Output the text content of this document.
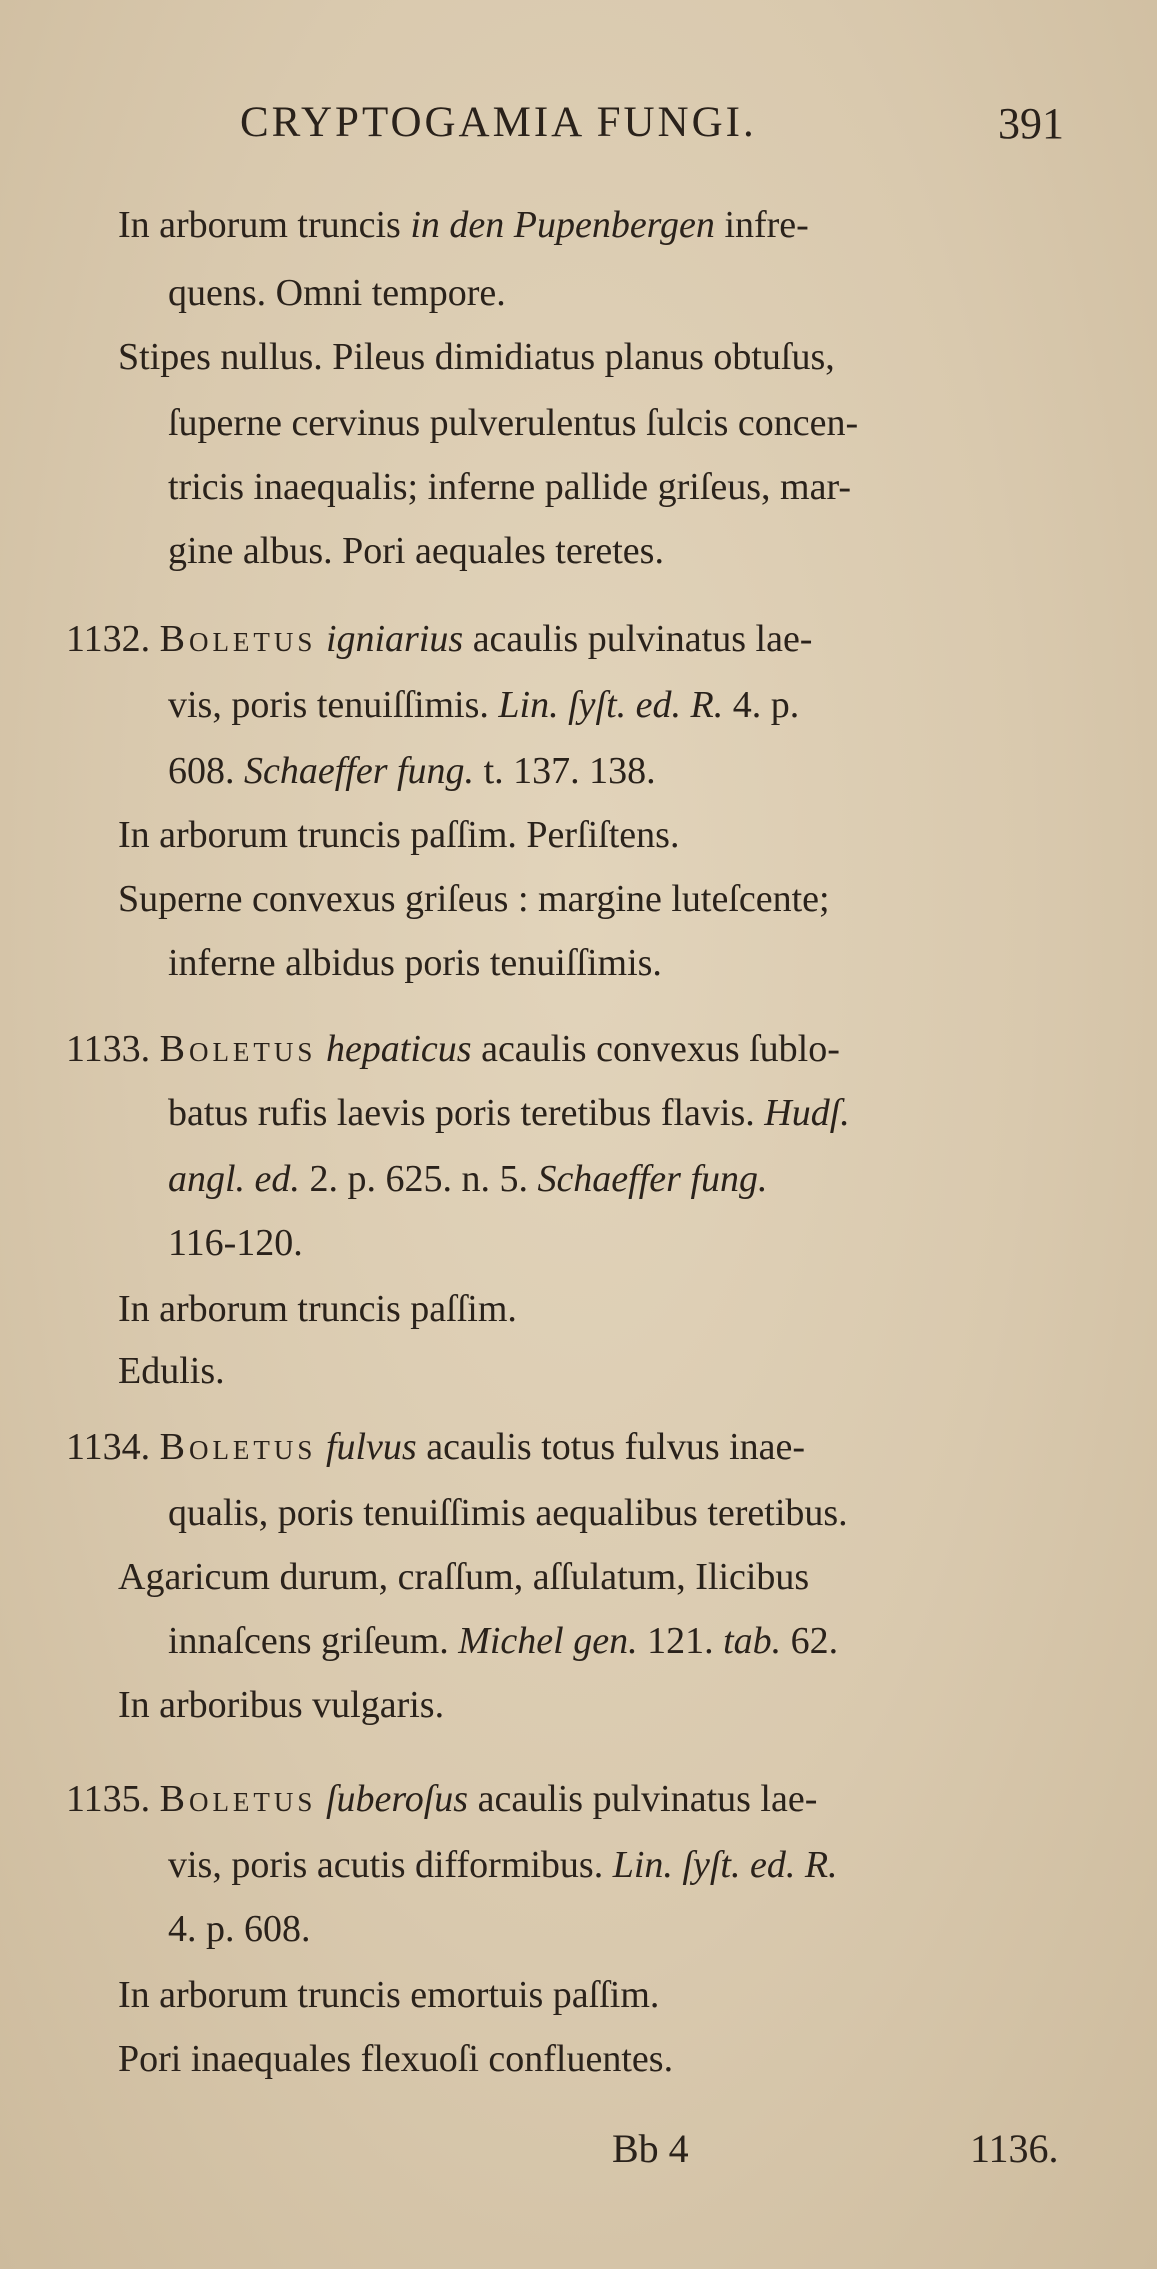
CRYPTOGAMIA FUNGI.	391
In arborum truncis in den Pupenbergen infre-
quens. Omni tempore.
Stipes nullus. Pileus dimidiatus planus obtuſus,
ſuperne cervinus pulverulentus ſulcis concen-
tricis inaequalis; inferne pallide griſeus, mar-
gine albus. Pori aequales teretes.
1132. Boletus igniarius acaulis pulvinatus lae-
vis, poris tenuiſſimis. Lin. ſyſt. ed. R. 4. p.
608. Schaeffer fung. t. 137. 138.
In arborum truncis paſſim. Perſiſtens.
Superne convexus griſeus : margine luteſcente;
inferne albidus poris tenuiſſimis.
1133. Boletus hepaticus acaulis convexus ſublo-
batus rufis laevis poris teretibus flavis. Hudſ.
angl. ed. 2. p. 625. n. 5. Schaeffer fung.
116-120.
In arborum truncis paſſim.
Edulis.
1134. Boletus fulvus acaulis totus fulvus inae-
qualis, poris tenuiſſimis aequalibus teretibus.
Agaricum durum, craſſum, aſſulatum, Ilicibus
innaſcens griſeum. Michel gen. 121. tab. 62.
In arboribus vulgaris.
1135. Boletus ſuberoſus acaulis pulvinatus lae-
vis, poris acutis difformibus. Lin. ſyſt. ed. R.
4. p. 608.
In arborum truncis emortuis paſſim.
Pori inaequales flexuoſi confluentes.
Bb 4	1136.
